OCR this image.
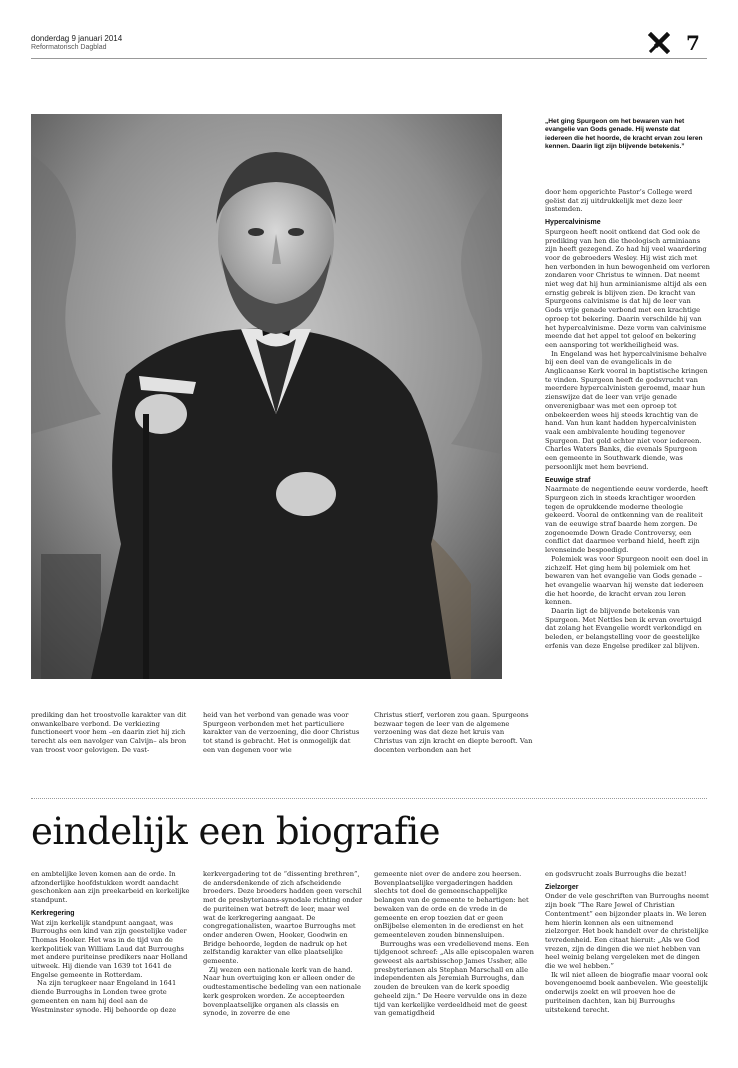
donderdag 9 januari 2014
Reformatorisch Dagblad	7
„Het ging Spurgeon om het bewaren van het evangelie van Gods genade. Hij wenste dat iedereen die het hoorde, de kracht ervan zou leren kennen. Daarin ligt zijn blijvende betekenis.”

door hem opgerichte Pastor’s College werd geëist dat zij uitdrukkelijk met deze leer instemden.

Hypercalvinisme

Spurgeon heeft nooit ontkend dat God ook de prediking van hen die theologisch arminiaans zijn heeft gezegend. Zo had hij veel waardering voor de gebroeders Wesley. Hij wist zich met hen verbonden in hun bewogenheid om verloren zondaren voor Christus te winnen. Dat neemt niet weg dat hij hun arminianisme altijd als een ernstig gebrek is blijven zien. De kracht van Spurgeons calvinisme is dat hij de leer van Gods vrije genade verbond met een krachtige oproep tot bekering. Daarin verschilde hij van het hypercalvinisme. Deze vorm van calvinisme meende dat het appel tot geloof en bekering een aansporing tot werkheiligheid was.

In Engeland was het hypercalvinisme behalve bij een deel van de evangelicals in de Anglicaanse Kerk vooral in baptistische kringen te vinden. Spurgeon heeft de godsvrucht van meerdere hypercalvinisten geroemd, maar hun zienswijze dat de leer van vrije genade onverenigbaar was met een oproep tot onbekeerden wees hij steeds krachtig van de hand. Van hun kant hadden hypercalvinisten vaak een ambivalente houding tegenover Spurgeon. Dat gold echter niet voor iedereen. Charles Waters Banks, die evenals Spurgeon een gemeente in Southwark diende, was persoonlijk met hem bevriend.

Eeuwige straf

Naarmate de negentiende eeuw vorderde, heeft Spurgeon zich in steeds krachtiger woorden tegen de oprukkende moderne theologie gekeerd. Vooral de ontkenning van de realiteit van de eeuwige straf baarde hem zorgen. De zogenoemde Down Grade Controversy, een conflict dat daarmee verband hield, heeft zijn levenseinde bespoedigd.

Polemiek was voor Spurgeon nooit een doel in zichzelf. Het ging hem bij polemiek om het bewaren van het evangelie van Gods genade – het evangelie waarvan hij wenste dat iedereen die het hoorde, de kracht ervan zou leren kennen.

Daarin ligt de blijvende betekenis van Spurgeon. Met Nettles ben ik ervan overtuigd dat zolang het Evangelie wordt verkondigd en beleden, er belangstelling voor de geestelijke erfenis van deze Engelse prediker zal blijven.

prediking dan het troostvolle karakter van dit onwankelbare verbond. De verkiezing functioneert voor hem –en daarin ziet hij zich terecht als een navolger van Calvijn– als bron van troost voor gelovigen. De vast-

heid van het verbond van genade was voor Spurgeon verbonden met het particuliere karakter van de verzoening, die door Christus tot stand is gebracht. Het is onmogelijk dat een van degenen voor wie

Christus stierf, verloren zou gaan. Spurgeons bezwaar tegen de leer van de algemene verzoening was dat deze het kruis van Christus van zijn kracht en diepte berooft. Van docenten verbonden aan het

eindelijk een biografie

en ambtelijke leven komen aan de orde. In afzonderlijke hoofdstukken wordt aandacht geschonken aan zijn preekarbeid en kerkelijke standpunt.

Kerkregering

Wat zijn kerkelijk standpunt aangaat, was Burroughs een kind van zijn geestelijke vader Thomas Hooker. Het was in de tijd van de kerkpolitiek van William Laud dat Burroughs met andere puriteinse predikers naar Holland uitweek. Hij diende van 1639 tot 1641 de Engelse gemeente in Rotterdam.

Na zijn terugkeer naar Engeland in 1641 diende Burroughs in Londen twee grote gemeenten en nam hij deel aan de Westminster synode. Hij behoorde op deze

kerkvergadering tot de “dissenting brethren”, de andersdenkende of zich afscheidende broeders. Deze broeders hadden geen verschil met de presbyteriaans-synodale richting onder de puriteinen wat betreft de leer, maar wel wat de kerkregering aangaat. De congregationalisten, waartoe Burroughs met onder anderen Owen, Hooker, Goodwin en Bridge behoorde, legden de nadruk op het zelfstandig karakter van elke plaatselijke gemeente.

Zij wezen een nationale kerk van de hand. Naar hun overtuiging kon er alleen onder de oudtestamentische bedeling van een nationale kerk gesproken worden. Ze accepteerden bovenplaatselijke organen als classis en synode, in zoverre de ene

gemeente niet over de andere zou heersen. Bovenplaatselijke vergaderingen hadden slechts tot doel de gemeenschappelijke belangen van de gemeente te behartigen: het bewaken van de orde en de vrede in de gemeente en erop toezien dat er geen onBijbelse elementen in de eredienst en het gemeenteleven zouden binnensluipen.

Burroughs was een vredelievend mens. Een tijdgenoot schreef: „Als alle episcopalen waren geweest als aartsbisschop James Ussher, alle presbyterianen als Stephan Marschall en alle independenten als Jeremiah Burroughs, dan zouden de breuken van de kerk spoedig geheeld zijn.” De Heere vervulde ons in deze tijd van kerkelijke verdeeldheid met de geest van gematigdheid

en godsvrucht zoals Burroughs die bezat!

Zielzorger

Onder de vele geschriften van Burroughs neemt zijn boek “The Rare Jewel of Christian Contentment” een bijzonder plaats in. We leren hem hierin kennen als een uitnemend zielzorger. Het boek handelt over de christelijke tevredenheid. Een citaat hieruit: „Als we God vrezen, zijn de dingen die we niet hebben van heel weinig belang vergeleken met de dingen die we wel hebben.”

Ik wil niet alleen de biografie maar vooral ook bovengenoemd boek aanbevelen. Wie geestelijk onderwijs zoekt en wil proeven hoe de puriteinen dachten, kan bij Burroughs uitstekend terecht.
